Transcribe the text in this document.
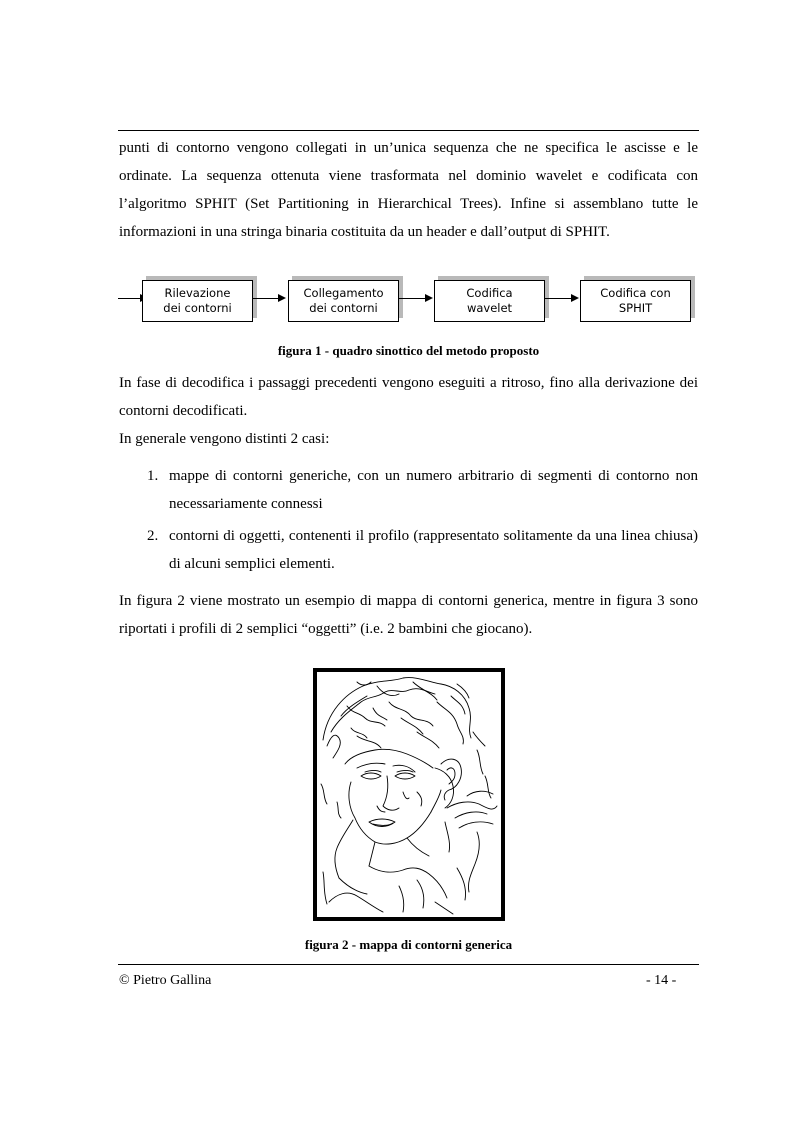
punti di contorno vengono collegati in un’unica sequenza che ne specifica le ascisse e le ordinate. La sequenza ottenuta viene trasformata nel dominio wavelet e codificata con l’algoritmo SPHIT (Set Partitioning in Hierarchical Trees). Infine si assemblano tutte le informazioni in una stringa binaria costituita da un header e dall’output di SPHIT.

Rilevazione
dei contorni
Collegamento
dei contorni
Codifica
wavelet
Codifica con
SPHIT
figura 1 - quadro sinottico del metodo proposto

In fase di decodifica i passaggi precedenti vengono eseguiti a ritroso, fino alla derivazione dei contorni decodificati.

In generale vengono distinti 2 casi:

1. mappe di contorni generiche, con un numero arbitrario di segmenti di contorno non necessariamente connessi
2. contorni di oggetti, contenenti il profilo (rappresentato solitamente da una linea chiusa) di alcuni semplici elementi.

In figura 2 viene mostrato un esempio di mappa di contorni generica, mentre in figura 3 sono riportati i profili di 2 semplici “oggetti” (i.e. 2 bambini che giocano).

figura 2 - mappa di contorni generica
© Pietro Gallina	- 14 -
